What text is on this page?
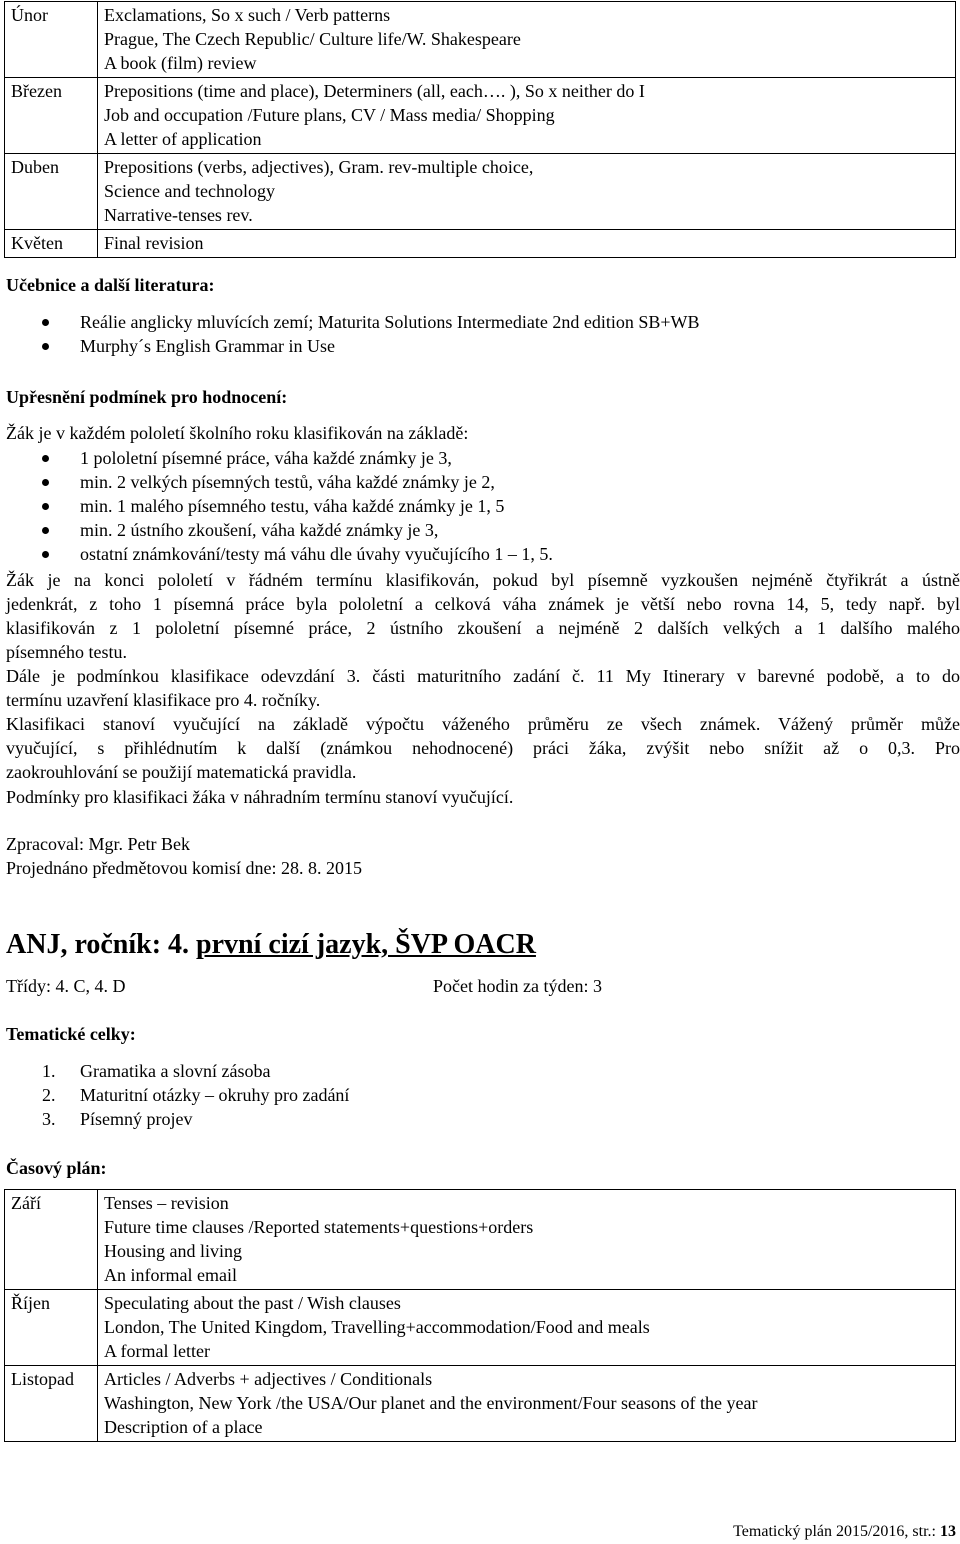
Únor	Exclamations, So x such / Verb patterns
Prague, The Czech Republic/ Culture life/W. Shakespeare
A book (film) review

Březen	Prepositions (time and place), Determiners (all, each…. ), So x neither do I
Job and occupation /Future plans, CV / Mass media/ Shopping
A letter of application

Duben	Prepositions (verbs, adjectives), Gram. rev-multiple choice,
Science and technology
Narrative-tenses rev.

Květen	Final revision
Učebnice a další literatura:
Reálie anglicky mluvících zemí; Maturita Solutions Intermediate 2nd edition SB+WB
Murphy´s English Grammar in Use
Upřesnění podmínek pro hodnocení:
Žák je v každém pololetí školního roku klasifikován na základě:
1 pololetní písemné práce, váha každé známky je 3,
min. 2 velkých písemných testů, váha každé známky je 2,
min. 1 malého písemného testu, váha každé známky je 1, 5
min. 2 ústního zkoušení, váha každé známky je 3,
ostatní známkování/testy má váhu dle úvahy vyučujícího 1 – 1, 5.
Žák je na konci pololetí v řádném termínu klasifikován, pokud byl písemně vyzkoušen nejméně čtyřikrát a ústně
jedenkrát, z toho 1 písemná práce byla pololetní a celková váha známek je větší nebo rovna 14, 5, tedy např. byl
klasifikován z 1 pololetní písemné práce, 2 ústního zkoušení a nejméně 2 dalších velkých a 1 dalšího malého
písemného testu.
Dále je podmínkou klasifikace odevzdání 3. části maturitního zadání č. 11 My Itinerary v barevné podobě, a to do
termínu uzavření klasifikace pro 4. ročníky.
Klasifikaci stanoví vyučující na základě výpočtu váženého průměru ze všech známek. Vážený průměr může
vyučující, s přihlédnutím k další (známkou nehodnocené) práci žáka, zvýšit nebo snížit až o 0,3. Pro
zaokrouhlování se použijí matematická pravidla.
Podmínky pro klasifikaci žáka v náhradním termínu stanoví vyučující.
Zpracoval: Mgr. Petr Bek
Projednáno předmětovou komisí dne: 28. 8. 2015
ANJ, ročník: 4. první cizí jazyk, ŠVP OACR
Třídy: 4. C, 4. D	Počet hodin za týden: 3
Tematické celky:
1. Gramatika a slovní zásoba
2. Maturitní otázky – okruhy pro zadání
3. Písemný projev
Časový plán:
Září	Tenses – revision
Future time clauses /Reported statements+questions+orders
Housing and living
An informal email

Říjen	Speculating about the past / Wish clauses
London, The United Kingdom, Travelling+accommodation/Food and meals
A formal letter

Listopad	Articles / Adverbs + adjectives / Conditionals
Washington, New York /the USA/Our planet and the environment/Four seasons of the year
Description of a place
Tematický plán 2015/2016, str.: 13
